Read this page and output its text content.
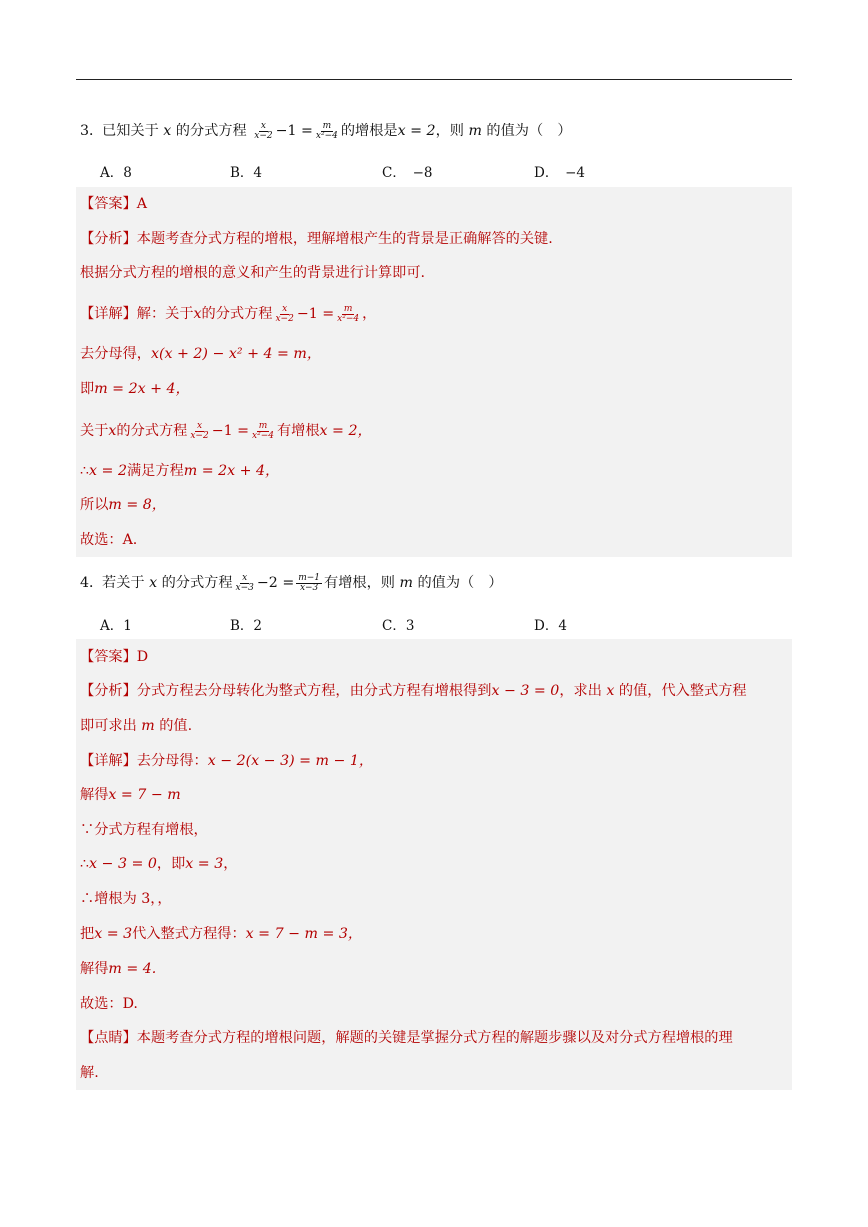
3．已知关于 x 的分式方程 $\frac{x}{x-2} -1 = \frac{m}{\text{x²−4}}$ 的增根是x = 2，则 m 的值为（　）
A．8	B．4	C．　−8	D．　−4
【答案】A
【分析】本题考查分式方程的增根，理解增根产生的背景是正确解答的关键.
根据分式方程的增根的意义和产生的背景进行计算即可.
【详解】解：关于x的分式方程 $\frac{x}{x-2} -1 = \frac{m}{\text{x²−4}}$ ，
去分母得，x(x + 2) − x² + 4 = m，
即m = 2x + 4，
关于x的分式方程 $\frac{x}{x-2} -1 = \frac{m}{\text{x²−4}}$ 有增根x = 2，
∴x = 2满足方程m = 2x + 4，
所以m = 8，
故选：A.
4．若关于 x 的分式方程 $\frac{x}{x-3} -2 = \frac{m-1}{x-3}$ 有增根，则 m 的值为（　）
A．1	B．2	C．3	D．4
【答案】D
【分析】分式方程去分母转化为整式方程，由分式方程有增根得到x − 3 = 0，求出 x 的值，代入整式方程
即可求出 m 的值.
【详解】去分母得：x − 2(x − 3) = m − 1，
解得x = 7 − m
∵分式方程有增根，
∴x − 3 = 0，即x = 3，
∴增根为 3，，
把x = 3代入整式方程得：x = 7 − m = 3，
解得m = 4.
故选：D.
【点睛】本题考查分式方程的增根问题，解题的关键是掌握分式方程的解题步骤以及对分式方程增根的理
解.
